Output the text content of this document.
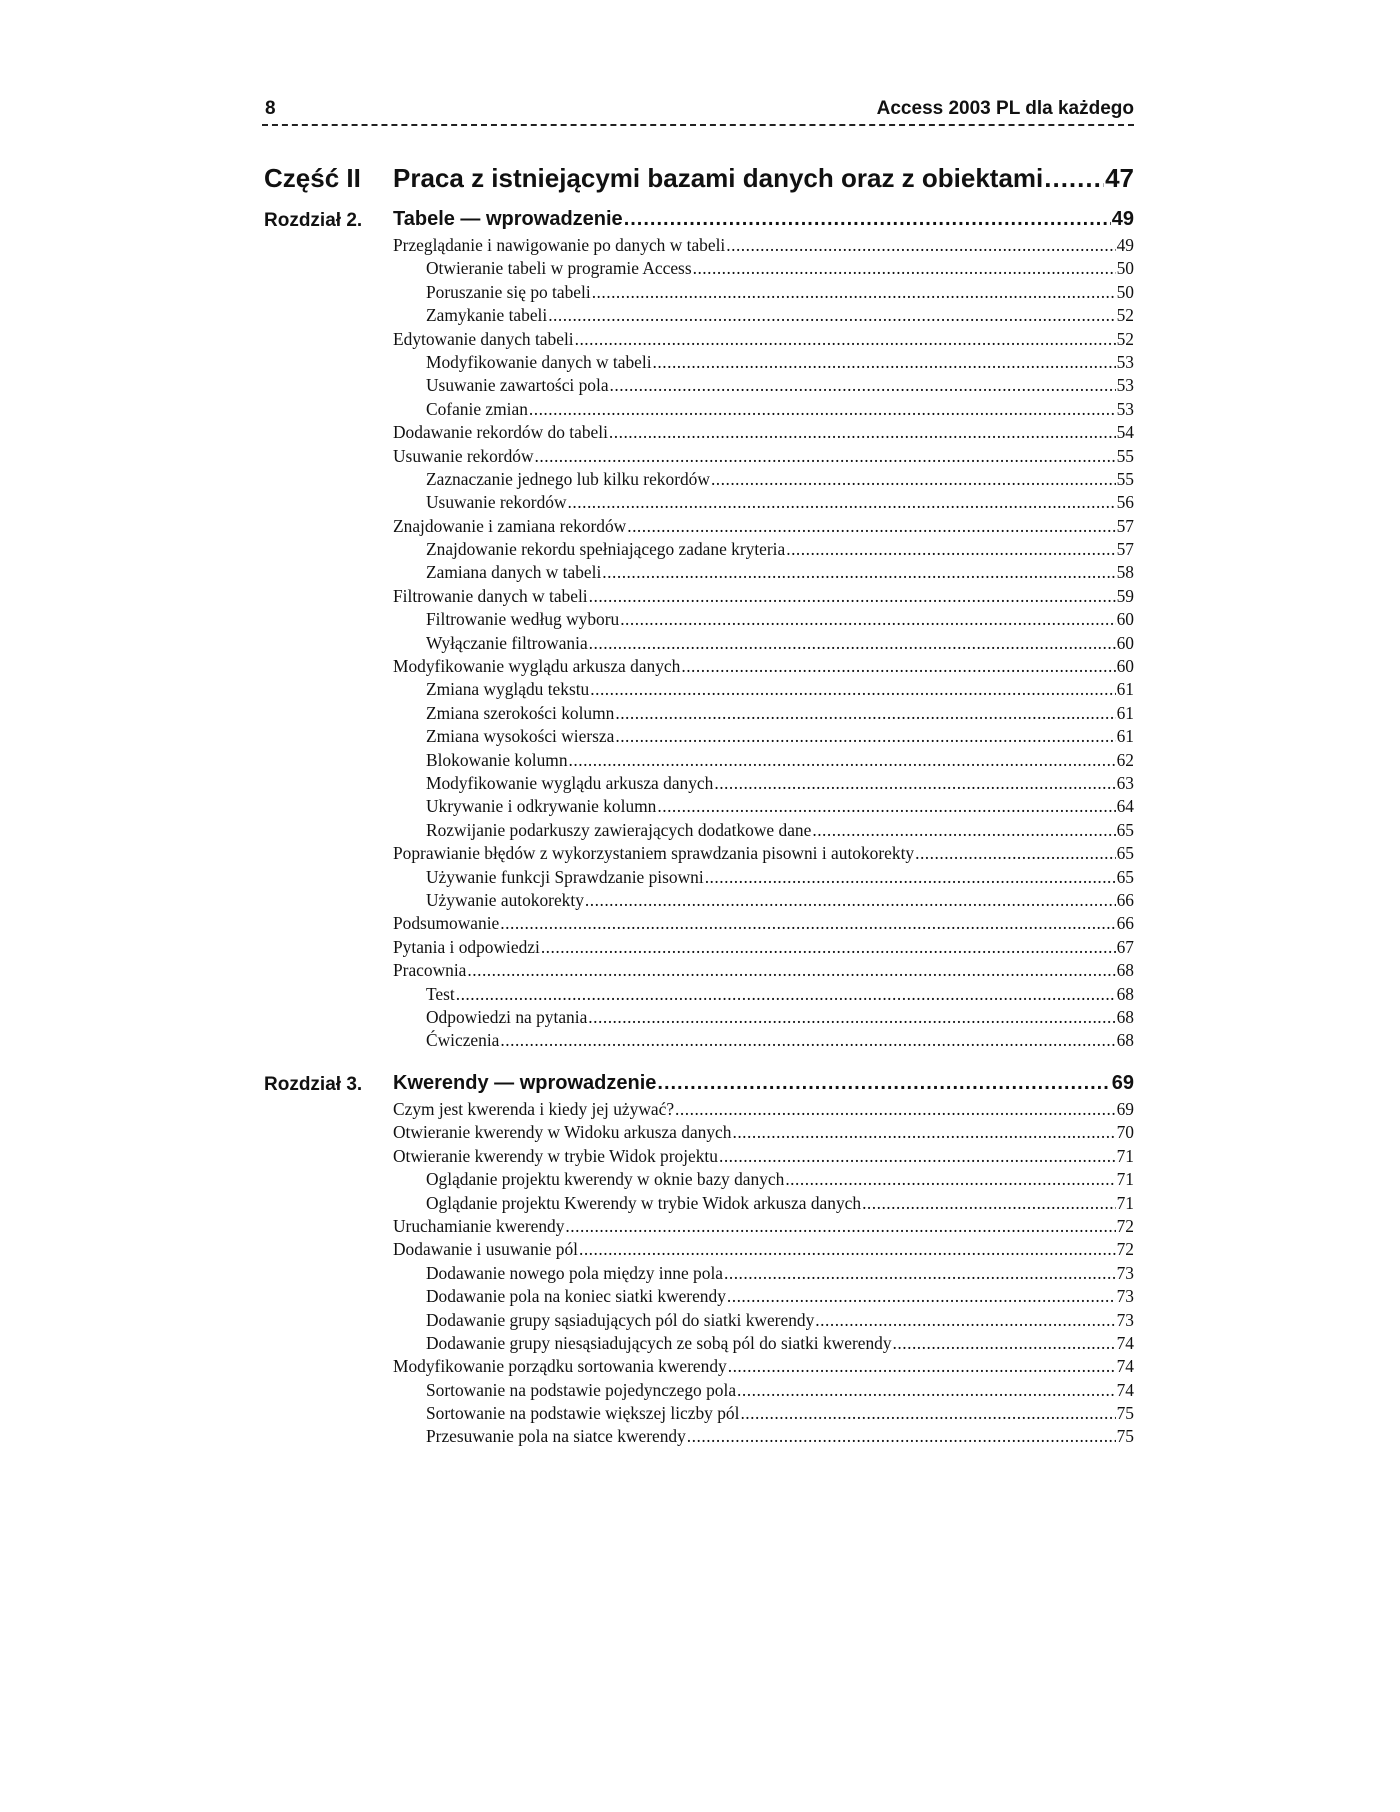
8	Access 2003 PL dla każdego
Część II Praca z istniejącymi bazami danych oraz z obiektami ..... 47
Rozdział 2. Tabele — wprowadzenie .....	49
Przeglądanie i nawigowanie po danych w tabeli .....	49
Otwieranie tabeli w programie Access .....	50
Poruszanie się po tabeli .....	50
Zamykanie tabeli .....	52
Edytowanie danych tabeli .....	52
Modyfikowanie danych w tabeli .....	53
Usuwanie zawartości pola .....	53
Cofanie zmian .....	53
Dodawanie rekordów do tabeli .....	54
Usuwanie rekordów .....	55
Zaznaczanie jednego lub kilku rekordów .....	55
Usuwanie rekordów .....	56
Znajdowanie i zamiana rekordów .....	57
Znajdowanie rekordu spełniającego zadane kryteria .....	57
Zamiana danych w tabeli .....	58
Filtrowanie danych w tabeli .....	59
Filtrowanie według wyboru .....	60
Wyłączanie filtrowania .....	60
Modyfikowanie wyglądu arkusza danych .....	60
Zmiana wyglądu tekstu .....	61
Zmiana szerokości kolumn .....	61
Zmiana wysokości wiersza .....	61
Blokowanie kolumn .....	62
Modyfikowanie wyglądu arkusza danych .....	63
Ukrywanie i odkrywanie kolumn .....	64
Rozwijanie podarkuszy zawierających dodatkowe dane .....	65
Poprawianie błędów z wykorzystaniem sprawdzania pisowni i autokorekty .....	65
Używanie funkcji Sprawdzanie pisowni .....	65
Używanie autokorekty .....	66
Podsumowanie .....	66
Pytania i odpowiedzi .....	67
Pracownia .....	68
Test .....	68
Odpowiedzi na pytania .....	68
Ćwiczenia .....	68
Rozdział 3. Kwerendy — wprowadzenie .....	69
Czym jest kwerenda i kiedy jej używać? .....	69
Otwieranie kwerendy w Widoku arkusza danych .....	70
Otwieranie kwerendy w trybie Widok projektu .....	71
Oglądanie projektu kwerendy w oknie bazy danych .....	71
Oglądanie projektu Kwerendy w trybie Widok arkusza danych .....	71
Uruchamianie kwerendy .....	72
Dodawanie i usuwanie pól .....	72
Dodawanie nowego pola między inne pola .....	73
Dodawanie pola na koniec siatki kwerendy .....	73
Dodawanie grupy sąsiadujących pól do siatki kwerendy .....	73
Dodawanie grupy niesąsiadujących ze sobą pól do siatki kwerendy .....	74
Modyfikowanie porządku sortowania kwerendy .....	74
Sortowanie na podstawie pojedynczego pola .....	74
Sortowanie na podstawie większej liczby pól .....	75
Przesuwanie pola na siatce kwerendy .....	75
